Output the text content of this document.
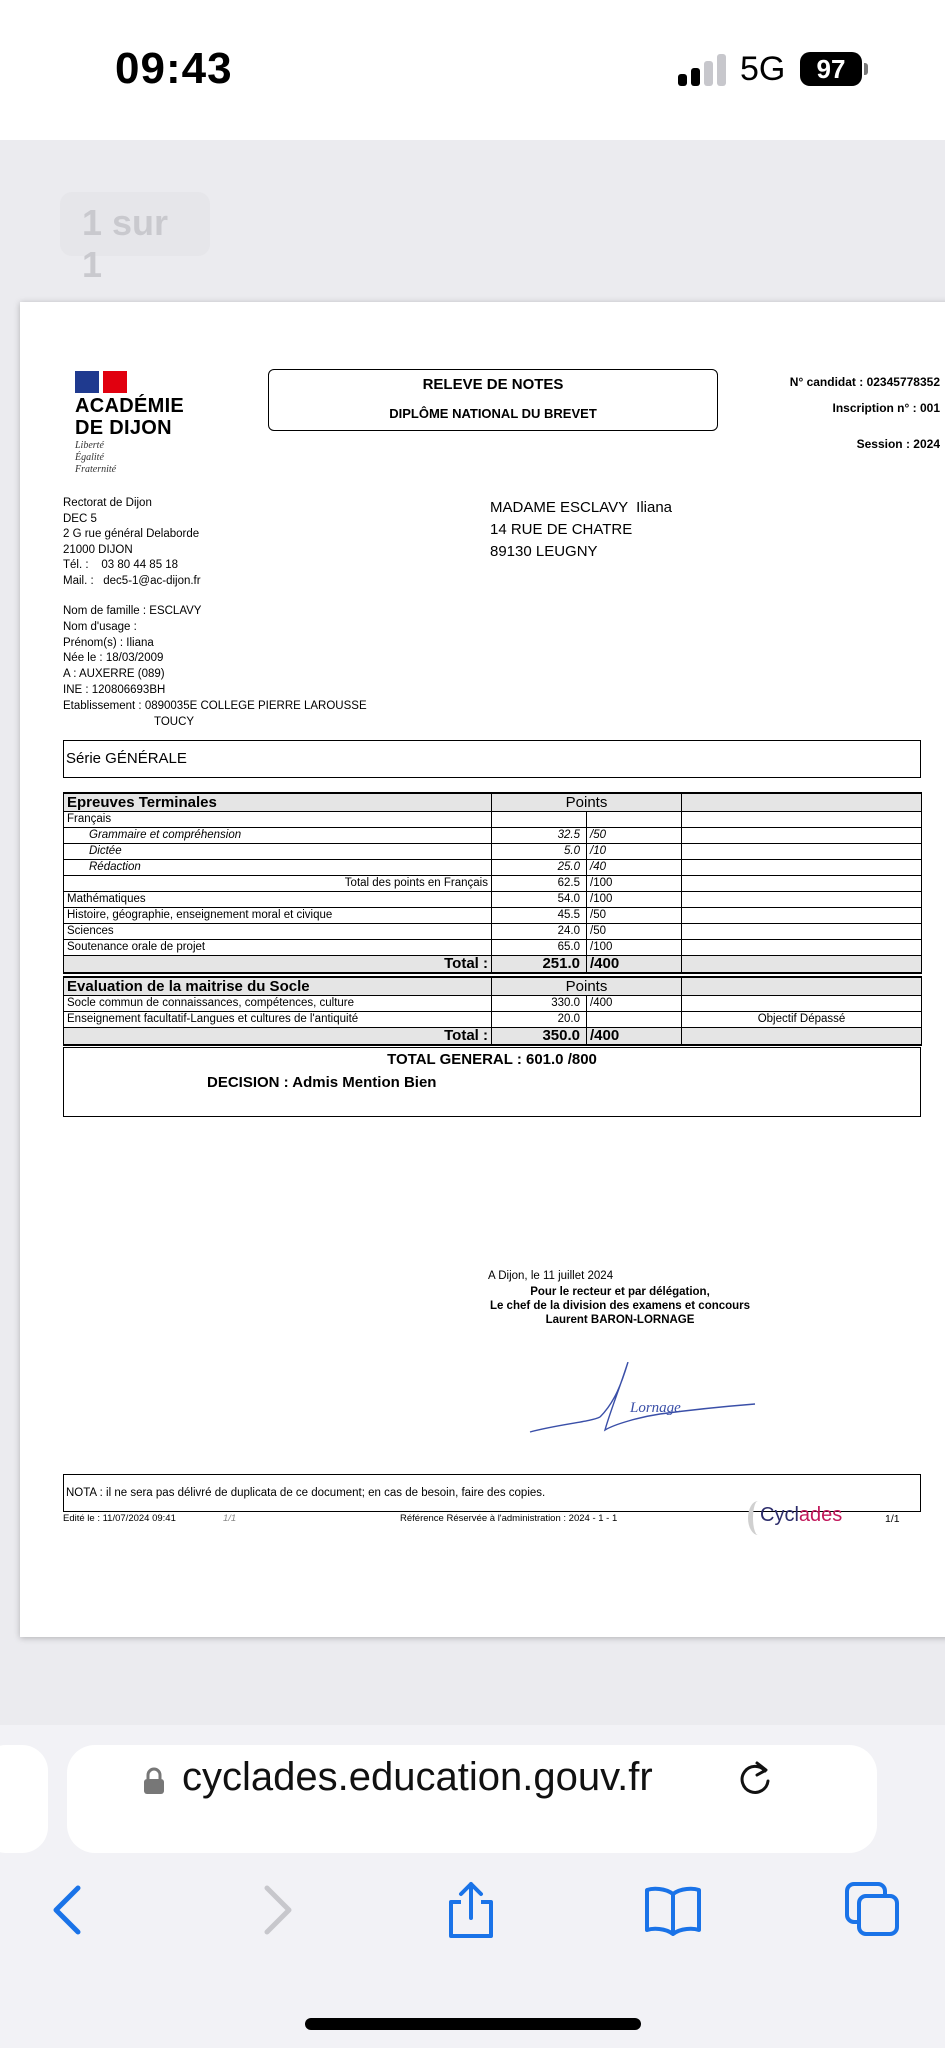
09:43	5G	97
1 sur 1
ACADÉMIE
DE DIJON
Liberté
Égalité
Fraternité
RELEVE DE NOTES
DIPLÔME NATIONAL DU BREVET
N° candidat : 02345778352
Inscription n° : 001
Session : 2024
Rectorat de Dijon
DEC 5
2 G rue général Delaborde
21000 DIJON
Tél. :    03 80 44 85 18
Mail. :   dec5-1@ac-dijon.fr
MADAME ESCLAVY  Iliana
14 RUE DE CHATRE
89130 LEUGNY
Nom de famille : ESCLAVY
Nom d'usage :
Prénom(s) : Iliana
Née le : 18/03/2009
A : AUXERRE (089)
INE : 120806693BH
Etablissement : 0890035E COLLEGE PIERRE LAROUSSE
TOUCY
Série GÉNÉRALE
Epreuves Terminales	Points		
Français			
Grammaire et compréhension	32.5	/50	
Dictée	5.0	/10	
Rédaction	25.0	/40	
Total des points en Français	62.5	/100	
Mathématiques	54.0	/100	
Histoire, géographie, enseignement moral et civique	45.5	/50	
Sciences	24.0	/50	
Soutenance orale de projet	65.0	/100	
Total :	251.0	/400	
Evaluation de la maitrise du Socle	Points		
Socle commun de connaissances, compétences, culture	330.0	/400	
Enseignement facultatif-Langues et cultures de l'antiquité	20.0		Objectif Dépassé
Total :	350.0	/400	
TOTAL GENERAL : 601.0 /800
DECISION : Admis Mention Bien
A Dijon, le 11 juillet 2024
Pour le recteur et par délégation,
Le chef de la division des examens et concours
Laurent BARON-LORNAGE
Lornage
NOTA : il ne sera pas délivré de duplicata de ce document; en cas de besoin, faire des copies.
Edité le : 11/07/2024 09:41	1/1	Référence Réservée à l'administration : 2024 - 1 - 1	Cyclades	1/1
cyclades.education.gouv.fr
